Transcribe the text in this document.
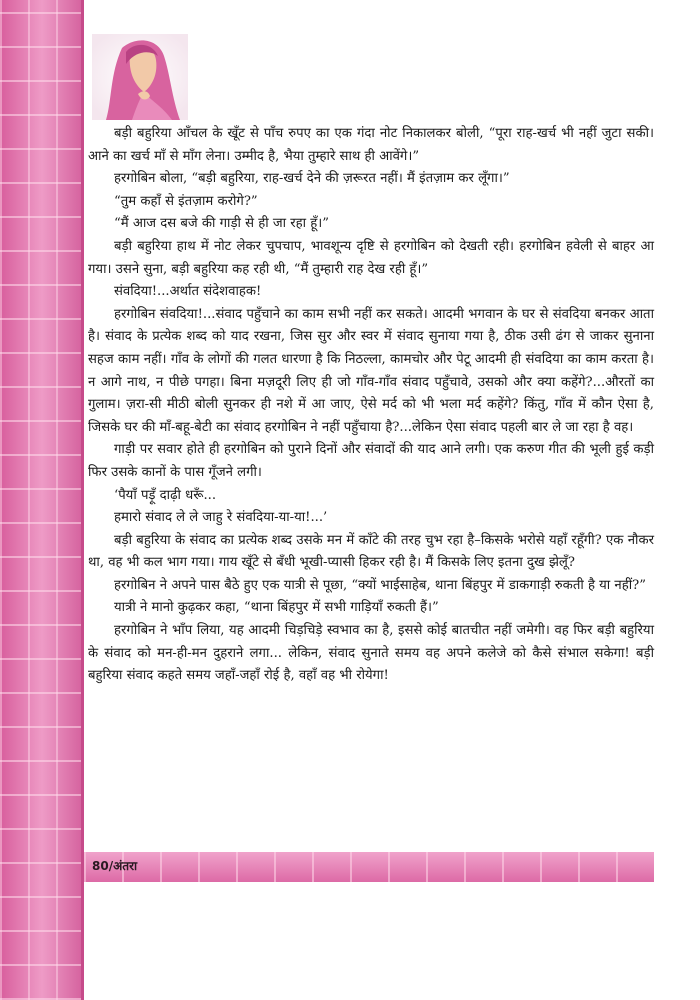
बड़ी बहुरिया आँचल के खूँट से पाँच रुपए का एक गंदा नोट निकालकर बोली, “पूरा राह-खर्च भी नहीं जुटा सकी। आने का खर्च माँ से माँग लेना। उम्मीद है, भैया तुम्हारे साथ ही आवेंगे।”

हरगोबिन बोला, “बड़ी बहुरिया, राह-खर्च देने की ज़रूरत नहीं। मैं इंतज़ाम कर लूँगा।”

“तुम कहाँ से इंतज़ाम करोगे?”

“मैं आज दस बजे की गाड़ी से ही जा रहा हूँ।”

बड़ी बहुरिया हाथ में नोट लेकर चुपचाप, भावशून्य दृष्टि से हरगोबिन को देखती रही। हरगोबिन हवेली से बाहर आ गया। उसने सुना, बड़ी बहुरिया कह रही थी, “मैं तुम्हारी राह देख रही हूँ।”

संवदिया!...अर्थात संदेशवाहक!

हरगोबिन संवदिया!...संवाद पहुँचाने का काम सभी नहीं कर सकते। आदमी भगवान के घर से संवदिया बनकर आता है। संवाद के प्रत्येक शब्द को याद रखना, जिस सुर और स्वर में संवाद सुनाया गया है, ठीक उसी ढंग से जाकर सुनाना सहज काम नहीं। गाँव के लोगों की गलत धारणा है कि निठल्ला, कामचोर और पेटू आदमी ही संवदिया का काम करता है। न आगे नाथ, न पीछे पगहा। बिना मज़दूरी लिए ही जो गाँव-गाँव संवाद पहुँचावे, उसको और क्या कहेंगे?...औरतों का गुलाम। ज़रा-सी मीठी बोली सुनकर ही नशे में आ जाए, ऐसे मर्द को भी भला मर्द कहेंगे? किंतु, गाँव में कौन ऐसा है, जिसके घर की माँ-बहू-बेटी का संवाद हरगोबिन ने नहीं पहुँचाया है?...लेकिन ऐसा संवाद पहली बार ले जा रहा है वह।

गाड़ी पर सवार होते ही हरगोबिन को पुराने दिनों और संवादों की याद आने लगी। एक करुण गीत की भूली हुई कड़ी फिर उसके कानों के पास गूँजने लगी।

‘पैयाँ पड़ूँ दाढ़ी धरूँ...

हमारो संवाद ले ले जाहु रे संवदिया-या-या!...’

बड़ी बहुरिया के संवाद का प्रत्येक शब्द उसके मन में काँटे की तरह चुभ रहा है–किसके भरोसे यहाँ रहूँगी? एक नौकर था, वह भी कल भाग गया। गाय खूँटे से बँधी भूखी-प्यासी हिकर रही है। मैं किसके लिए इतना दुख झेलूँ?

हरगोबिन ने अपने पास बैठे हुए एक यात्री से पूछा, “क्यों भाईसाहेब, थाना बिंहपुर में डाकगाड़ी रुकती है या नहीं?”

यात्री ने मानो कुढ़कर कहा, “थाना बिंहपुर में सभी गाड़ियाँ रुकती हैं।”

हरगोबिन ने भाँप लिया, यह आदमी चिड़चिड़े स्वभाव का है, इससे कोई बातचीत नहीं जमेगी। वह फिर बड़ी बहुरिया के संवाद को मन-ही-मन दुहराने लगा... लेकिन, संवाद सुनाते समय वह अपने कलेजे को कैसे संभाल सकेगा! बड़ी बहुरिया संवाद कहते समय जहाँ-जहाँ रोई है, वहाँ वह भी रोयेगा!

80/अंतरा
